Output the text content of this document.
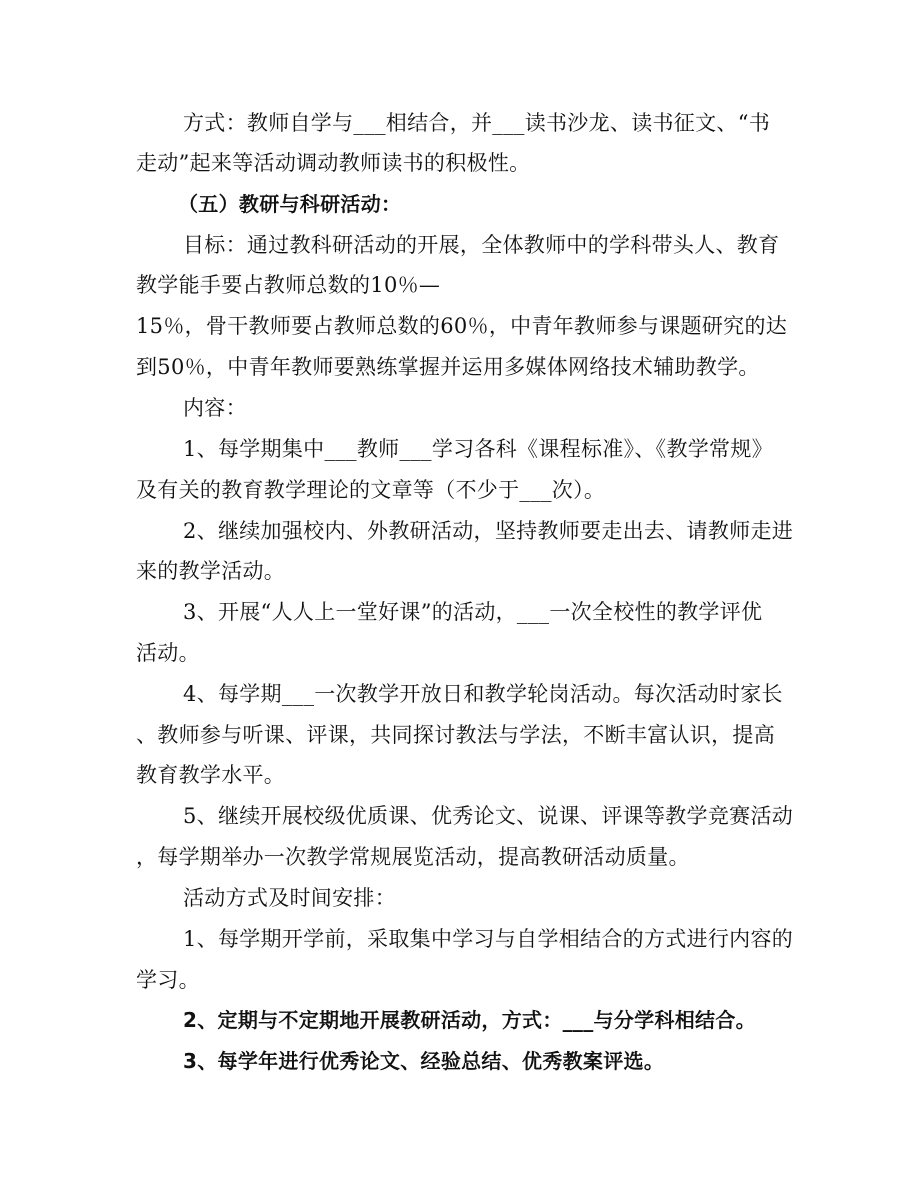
方式：教师自学与___相结合，并___读书沙龙、读书征文、“书
走动”起来等活动调动教师读书的积极性。
（五）教研与科研活动：
目标：通过教科研活动的开展，全体教师中的学科带头人、教育
教学能手要占教师总数的10％—
15％，骨干教师要占教师总数的60％，中青年教师参与课题研究的达
到50％，中青年教师要熟练掌握并运用多媒体网络技术辅助教学。
内容：
1、每学期集中___教师___学习各科《课程标准》、《教学常规》
及有关的教育教学理论的文章等（不少于___次）。
2、继续加强校内、外教研活动，坚持教师要走出去、请教师走进
来的教学活动。
3、开展“人人上一堂好课”的活动，___一次全校性的教学评优
活动。
4、每学期___一次教学开放日和教学轮岗活动。每次活动时家长
、教师参与听课、评课，共同探讨教法与学法，不断丰富认识，提高
教育教学水平。
5、继续开展校级优质课、优秀论文、说课、评课等教学竞赛活动
，每学期举办一次教学常规展览活动，提高教研活动质量。
活动方式及时间安排：
1、每学期开学前，采取集中学习与自学相结合的方式进行内容的
学习。
2、定期与不定期地开展教研活动，方式：___与分学科相结合。
3、每学年进行优秀论文、经验总结、优秀教案评选。
